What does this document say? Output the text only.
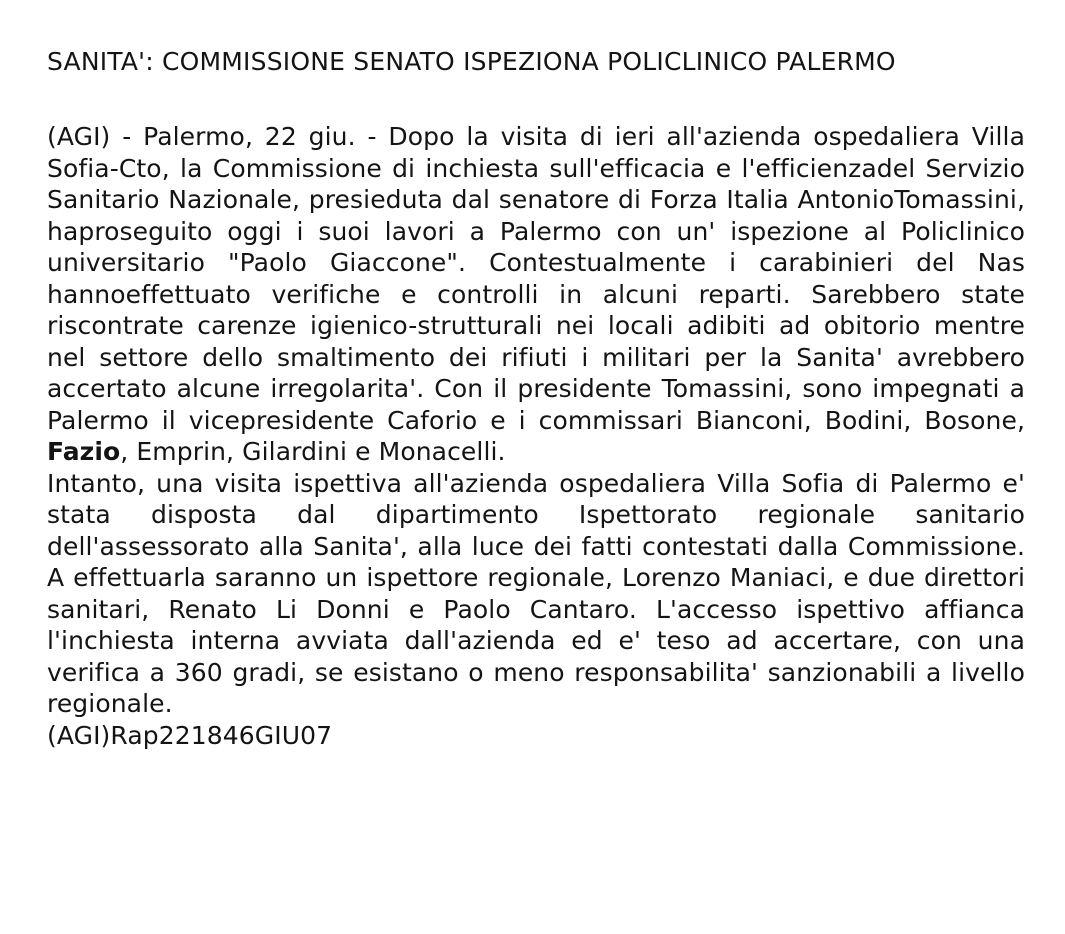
SANITA': COMMISSIONE SENATO ISPEZIONA POLICLINICO PALERMO

(AGI) - Palermo, 22 giu. - Dopo la visita di ieri all'azienda ospedaliera Villa Sofia-Cto, la Commissione di inchiesta sull'efficacia e l'efficienzadel Servizio Sanitario Nazionale, presieduta dal senatore di Forza Italia AntonioTomassini, haproseguito oggi i suoi lavori a Palermo con un' ispezione al Policlinico universitario "Paolo Giaccone". Contestualmente i carabinieri del Nas hannoeffettuato verifiche e controlli in alcuni reparti. Sarebbero state riscontrate carenze igienico-strutturali nei locali adibiti ad obitorio mentre nel settore dello smaltimento dei rifiuti i militari per la Sanita' avrebbero accertato alcune irregolarita'. Con il presidente Tomassini, sono impegnati a Palermo il vicepresidente Caforio e i commissari Bianconi, Bodini, Bosone, Fazio, Emprin, Gilardini e Monacelli.

Intanto, una visita ispettiva all'azienda ospedaliera Villa Sofia di Palermo e' stata disposta dal dipartimento Ispettorato regionale sanitario dell'assessorato alla Sanita', alla luce dei fatti contestati dalla Commissione. A effettuarla saranno un ispettore regionale, Lorenzo Maniaci, e due direttori sanitari, Renato Li Donni e Paolo Cantaro. L'accesso ispettivo affianca l'inchiesta interna avviata dall'azienda ed e' teso ad accertare, con una verifica a 360 gradi, se esistano o meno responsabilita' sanzionabili a livello regionale.

(AGI)Rap221846GIU07
